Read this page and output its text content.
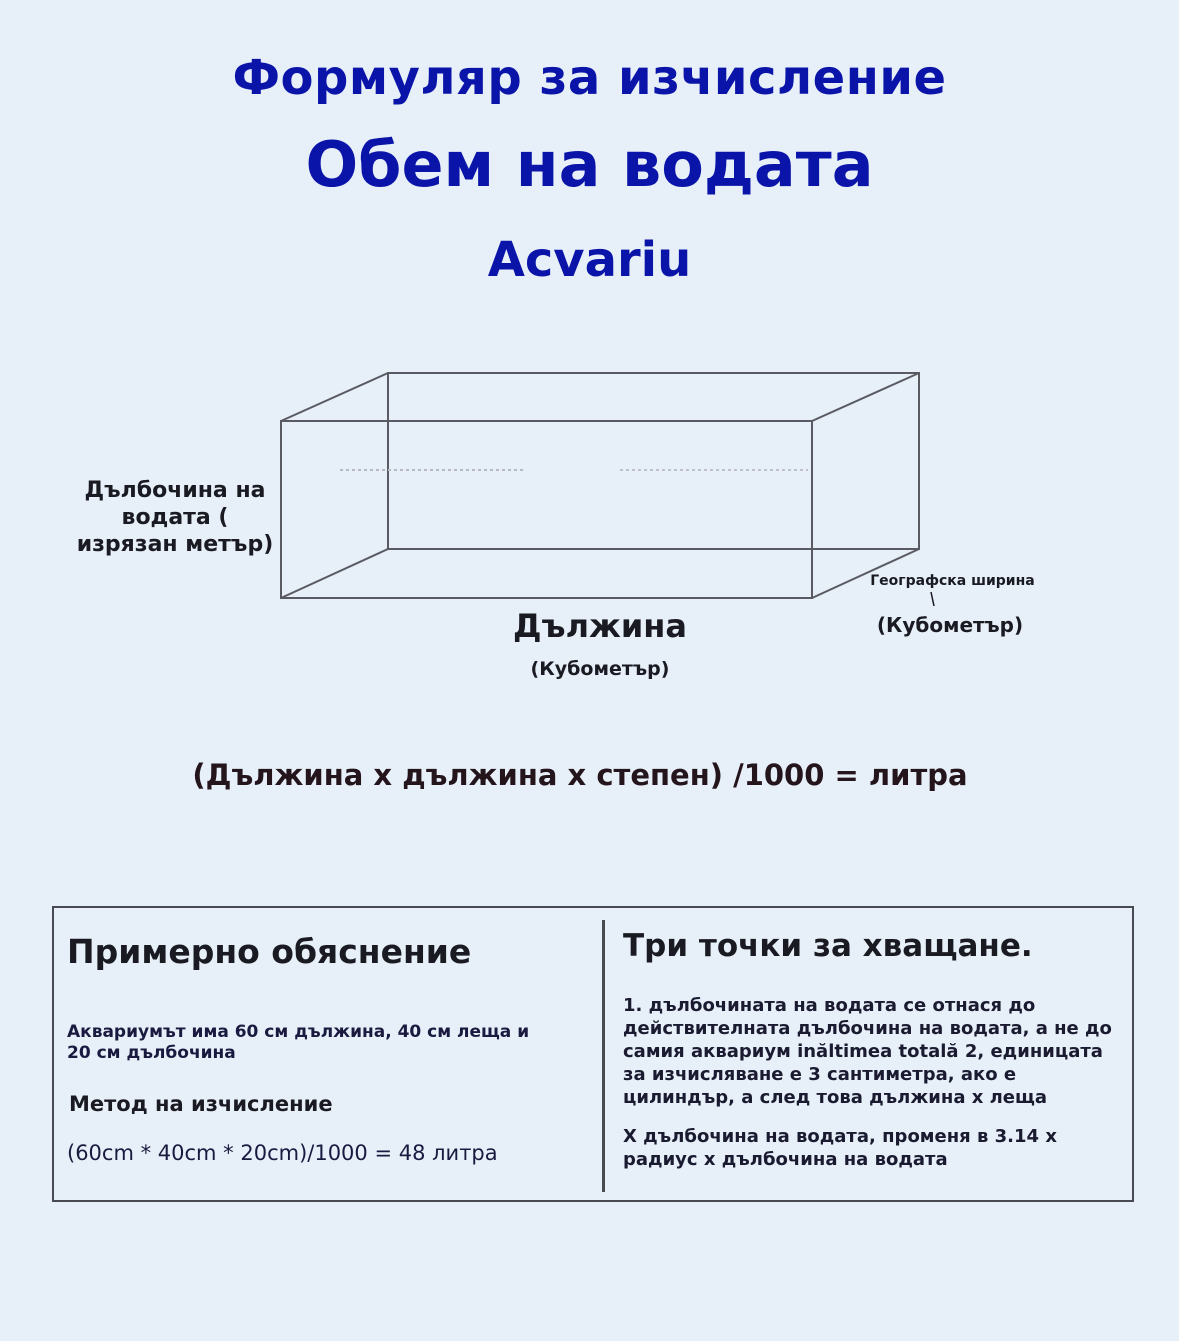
Формуляр за изчисление
Обем на водата
Acvariu
Дълбочина на водата ( изрязан метър)
Дължина
(Кубометър)
Географска ширина
(Кубометър)
(Дължина х дължина х степен) /1000 = литра
Примерно обяснение
Аквариумът има 60 см дължина, 40 см леща и 20 см дълбочина
Метод на изчисление
(60cm * 40cm * 20cm)/1000 = 48 литра
Три точки за хващане.
1. дълбочината на водата се отнася до действителната дълбочина на водата, а не до самия аквариум inăltimea totală 2, единицата за изчисляване е 3 сантиметра, ако е цилиндър, а след това дължина х леща
Х дълбочина на водата, променя в 3.14 х радиус х дълбочина на водата
